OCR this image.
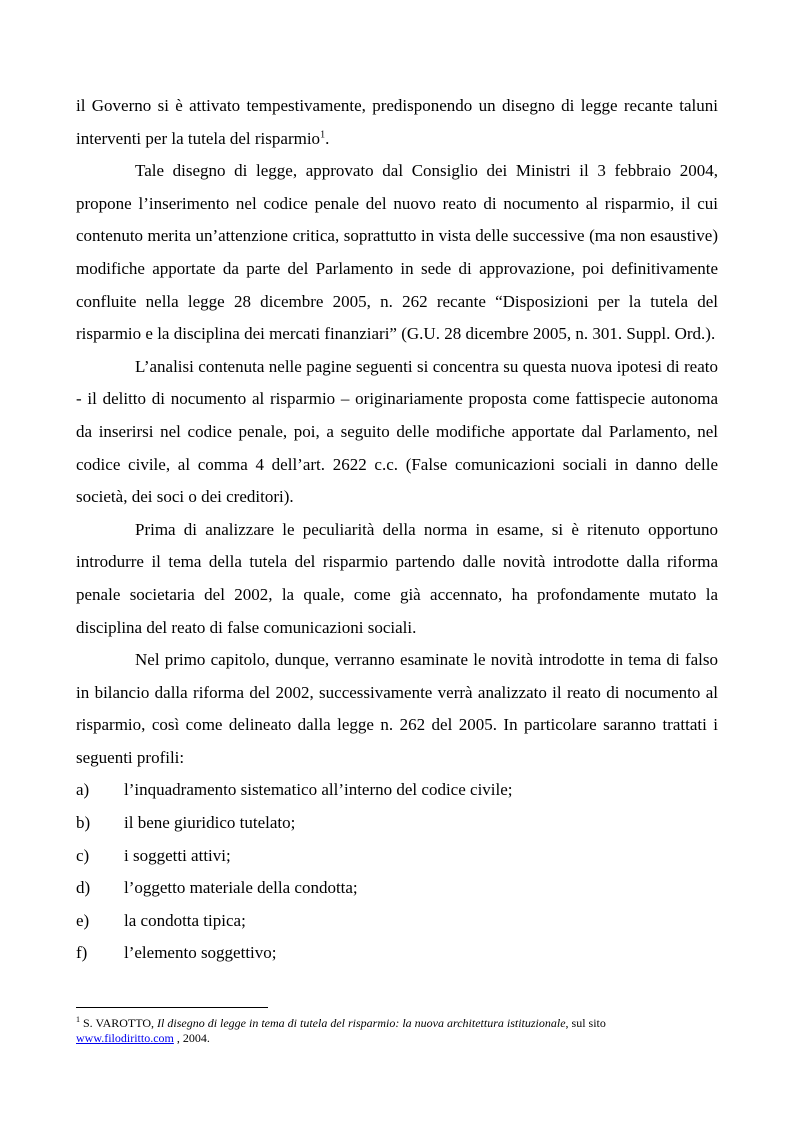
il Governo si è attivato tempestivamente, predisponendo un disegno di legge recante taluni interventi per la tutela del risparmio$^1$.

Tale disegno di legge, approvato dal Consiglio dei Ministri il 3 febbraio 2004, propone l’inserimento nel codice penale del nuovo reato di nocumento al risparmio, il cui contenuto merita un’attenzione critica, soprattutto in vista delle successive (ma non esaustive) modifiche apportate da parte del Parlamento in sede di approvazione, poi definitivamente confluite nella legge 28 dicembre 2005, n. 262 recante “Disposizioni per la tutela del risparmio e la disciplina dei mercati finanziari” (G.U. 28 dicembre 2005, n. 301. Suppl. Ord.).

L’analisi contenuta nelle pagine seguenti si concentra su questa nuova ipotesi di reato - il delitto di nocumento al risparmio – originariamente proposta come fattispecie autonoma da inserirsi nel codice penale, poi, a seguito delle modifiche apportate dal Parlamento, nel codice civile, al comma 4 dell’art. 2622 c.c. (False comunicazioni sociali in danno delle società, dei soci o dei creditori).

Prima di analizzare le peculiarità della norma in esame, si è ritenuto opportuno introdurre il tema della tutela del risparmio partendo dalle novità introdotte dalla riforma penale societaria del 2002, la quale, come già accennato, ha profondamente mutato la disciplina del reato di false comunicazioni sociali.

Nel primo capitolo, dunque, verranno esaminate le novità introdotte in tema di falso in bilancio dalla riforma del 2002, successivamente verrà analizzato il reato di nocumento al risparmio, così come delineato dalla legge n. 262 del 2005. In particolare saranno trattati i seguenti profili:

a)	l’inquadramento sistematico all’interno del codice civile;
b)	il bene giuridico tutelato;
c)	i soggetti attivi;
d)	l’oggetto materiale della condotta;
e)	la condotta tipica;
f)	l’elemento soggettivo;
$^1$ S. VAROTTO, Il disegno di legge in tema di tutela del risparmio: la nuova architettura istituzionale, sul sito
www.filodiritto.com , 2004.
